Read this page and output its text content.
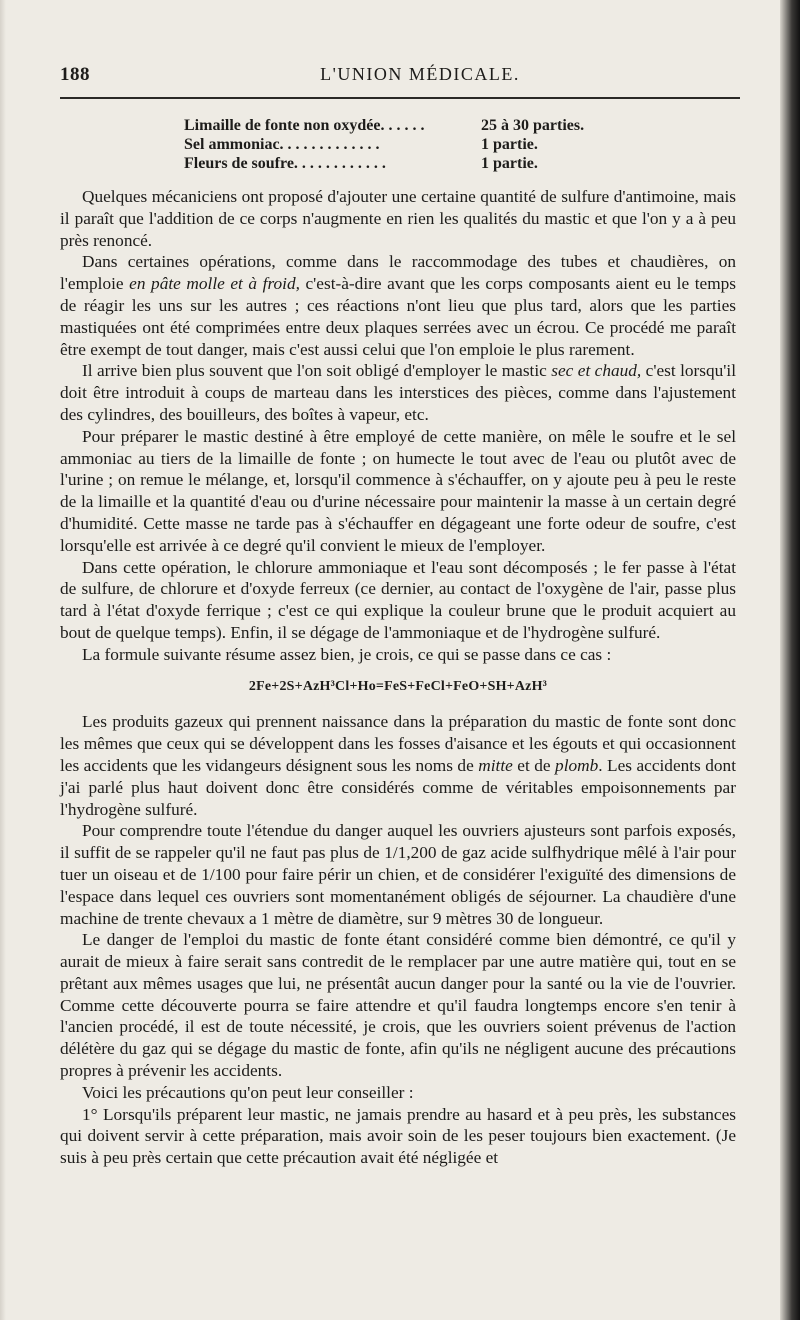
188	L'UNION MÉDICALE.
Limaille de fonte non oxydée. . . . . .	25 à 30 parties.
Sel ammoniac. . . . . . . . . . . . .	1 partie.
Fleurs de soufre. . . . . . . . . . . .	1 partie.

Quelques mécaniciens ont proposé d'ajouter une certaine quantité de sulfure d'antimoine, mais il paraît que l'addition de ce corps n'augmente en rien les qualités du mastic et que l'on y a à peu près renoncé.

Dans certaines opérations, comme dans le raccommodage des tubes et chaudières, on l'emploie en pâte molle et à froid, c'est-à-dire avant que les corps composants aient eu le temps de réagir les uns sur les autres ; ces réactions n'ont lieu que plus tard, alors que les parties mastiquées ont été comprimées entre deux plaques serrées avec un écrou. Ce procédé me paraît être exempt de tout danger, mais c'est aussi celui que l'on emploie le plus rarement.

Il arrive bien plus souvent que l'on soit obligé d'employer le mastic sec et chaud, c'est lorsqu'il doit être introduit à coups de marteau dans les interstices des pièces, comme dans l'ajustement des cylindres, des bouilleurs, des boîtes à vapeur, etc.

Pour préparer le mastic destiné à être employé de cette manière, on mêle le soufre et le sel ammoniac au tiers de la limaille de fonte ; on humecte le tout avec de l'eau ou plutôt avec de l'urine ; on remue le mélange, et, lorsqu'il commence à s'échauffer, on y ajoute peu à peu le reste de la limaille et la quantité d'eau ou d'urine nécessaire pour maintenir la masse à un certain degré d'humidité. Cette masse ne tarde pas à s'échauffer en dégageant une forte odeur de soufre, c'est lorsqu'elle est arrivée à ce degré qu'il convient le mieux de l'employer.

Dans cette opération, le chlorure ammoniaque et l'eau sont décomposés ; le fer passe à l'état de sulfure, de chlorure et d'oxyde ferreux (ce dernier, au contact de l'oxygène de l'air, passe plus tard à l'état d'oxyde ferrique ; c'est ce qui explique la couleur brune que le produit acquiert au bout de quelque temps). Enfin, il se dégage de l'ammoniaque et de l'hydrogène sulfuré.

La formule suivante résume assez bien, je crois, ce qui se passe dans ce cas :

2Fe+2S+AzH³Cl+Ho=FeS+FeCl+FeO+SH+AzH³

Les produits gazeux qui prennent naissance dans la préparation du mastic de fonte sont donc les mêmes que ceux qui se développent dans les fosses d'aisance et les égouts et qui occasionnent les accidents que les vidangeurs désignent sous les noms de mitte et de plomb. Les accidents dont j'ai parlé plus haut doivent donc être considérés comme de véritables empoisonnements par l'hydrogène sulfuré.

Pour comprendre toute l'étendue du danger auquel les ouvriers ajusteurs sont parfois exposés, il suffit de se rappeler qu'il ne faut pas plus de 1/1,200 de gaz acide sulfhydrique mêlé à l'air pour tuer un oiseau et de 1/100 pour faire périr un chien, et de considérer l'exiguïté des dimensions de l'espace dans lequel ces ouvriers sont momentanément obligés de séjourner. La chaudière d'une machine de trente chevaux a 1 mètre de diamètre, sur 9 mètres 30 de longueur.

Le danger de l'emploi du mastic de fonte étant considéré comme bien démontré, ce qu'il y aurait de mieux à faire serait sans contredit de le remplacer par une autre matière qui, tout en se prêtant aux mêmes usages que lui, ne présentât aucun danger pour la santé ou la vie de l'ouvrier. Comme cette découverte pourra se faire attendre et qu'il faudra longtemps encore s'en tenir à l'ancien procédé, il est de toute nécessité, je crois, que les ouvriers soient prévenus de l'action délétère du gaz qui se dégage du mastic de fonte, afin qu'ils ne négligent aucune des précautions propres à prévenir les accidents.

Voici les précautions qu'on peut leur conseiller :

1° Lorsqu'ils préparent leur mastic, ne jamais prendre au hasard et à peu près, les substances qui doivent servir à cette préparation, mais avoir soin de les peser toujours bien exactement. (Je suis à peu près certain que cette précaution avait été négligée et
